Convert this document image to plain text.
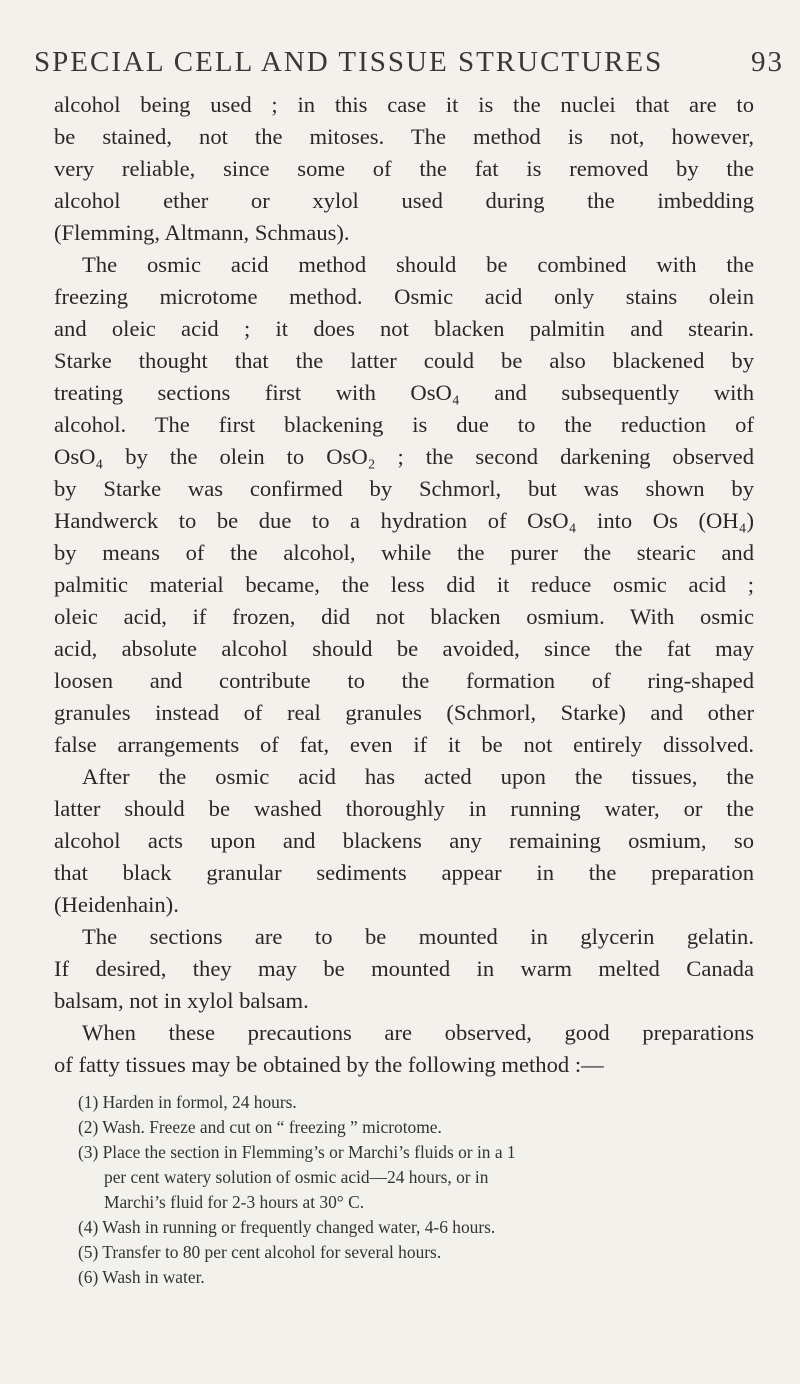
SPECIAL CELL AND TISSUE STRUCTURES	93
alcohol being used ; in this case it is the nuclei that are to
be stained, not the mitoses. The method is not, however,
very reliable, since some of the fat is removed by the
alcohol ether or xylol used during the imbedding
(Flemming, Altmann, Schmaus).
The osmic acid method should be combined with the
freezing microtome method. Osmic acid only stains olein
and oleic acid ; it does not blacken palmitin and stearin.
Starke thought that the latter could be also blackened by
treating sections first with OsO₄ and subsequently with
alcohol. The first blackening is due to the reduction of
OsO₄ by the olein to OsO₂ ; the second darkening observed
by Starke was confirmed by Schmorl, but was shown by
Handwerck to be due to a hydration of OsO₄ into Os (OH₄)
by means of the alcohol, while the purer the stearic and
palmitic material became, the less did it reduce osmic acid ;
oleic acid, if frozen, did not blacken osmium. With osmic
acid, absolute alcohol should be avoided, since the fat may
loosen and contribute to the formation of ring-shaped
granules instead of real granules (Schmorl, Starke) and other
false arrangements of fat, even if it be not entirely dissolved.
After the osmic acid has acted upon the tissues, the
latter should be washed thoroughly in running water, or the
alcohol acts upon and blackens any remaining osmium, so
that black granular sediments appear in the preparation
(Heidenhain).
The sections are to be mounted in glycerin gelatin.
If desired, they may be mounted in warm melted Canada
balsam, not in xylol balsam.
When these precautions are observed, good preparations
of fatty tissues may be obtained by the following method :—
(1) Harden in formol, 24 hours.
(2) Wash. Freeze and cut on “ freezing ” microtome.
(3) Place the section in Flemming’s or Marchi’s fluids or in a 1
per cent watery solution of osmic acid—24 hours, or in
Marchi’s fluid for 2-3 hours at 30° C.
(4) Wash in running or frequently changed water, 4-6 hours.
(5) Transfer to 80 per cent alcohol for several hours.
(6) Wash in water.
